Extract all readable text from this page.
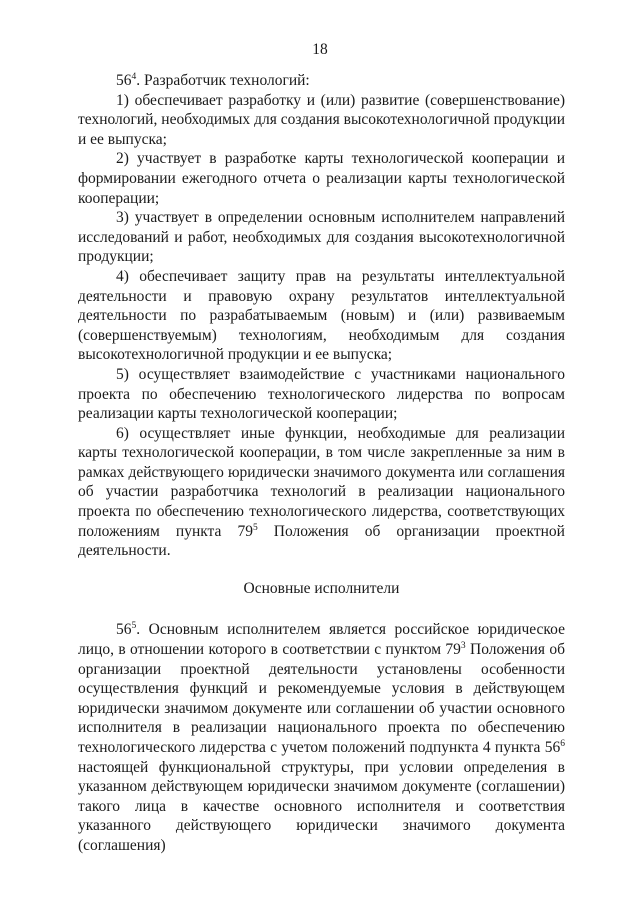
18

$56^4$. Разработчик технологий:

1) обеспечивает разработку и (или) развитие (совершенствование) технологий, необходимых для создания высокотехнологичной продукции и ее выпуска;

2) участвует в разработке карты технологической кооперации и формировании ежегодного отчета о реализации карты технологической кооперации;

3) участвует в определении основным исполнителем направлений исследований и работ, необходимых для создания высокотехнологичной продукции;

4) обеспечивает защиту прав на результаты интеллектуальной деятельности и правовую охрану результатов интеллектуальной деятельности по разрабатываемым (новым) и (или) развиваемым (совершенствуемым) технологиям, необходимым для создания высокотехнологичной продукции и ее выпуска;

5) осуществляет взаимодействие с участниками национального проекта по обеспечению технологического лидерства по вопросам реализации карты технологической кооперации;

6) осуществляет иные функции, необходимые для реализации карты технологической кооперации, в том числе закрепленные за ним в рамках действующего юридически значимого документа или соглашения об участии разработчика технологий в реализации национального проекта по обеспечению технологического лидерства, соответствующих положениям пункта $79^5$ Положения об организации проектной деятельности.

Основные исполнители

$56^5$. Основным исполнителем является российское юридическое лицо, в отношении которого в соответствии с пунктом $79^3$ Положения об организации проектной деятельности установлены особенности осуществления функций и рекомендуемые условия в действующем юридически значимом документе или соглашении об участии основного исполнителя в реализации национального проекта по обеспечению технологического лидерства с учетом положений подпункта 4 пункта $56^6$ настоящей функциональной структуры, при условии определения в указанном действующем юридически значимом документе (соглашении) такого лица в качестве основного исполнителя и соответствия указанного действующего юридически значимого документа (соглашения)
